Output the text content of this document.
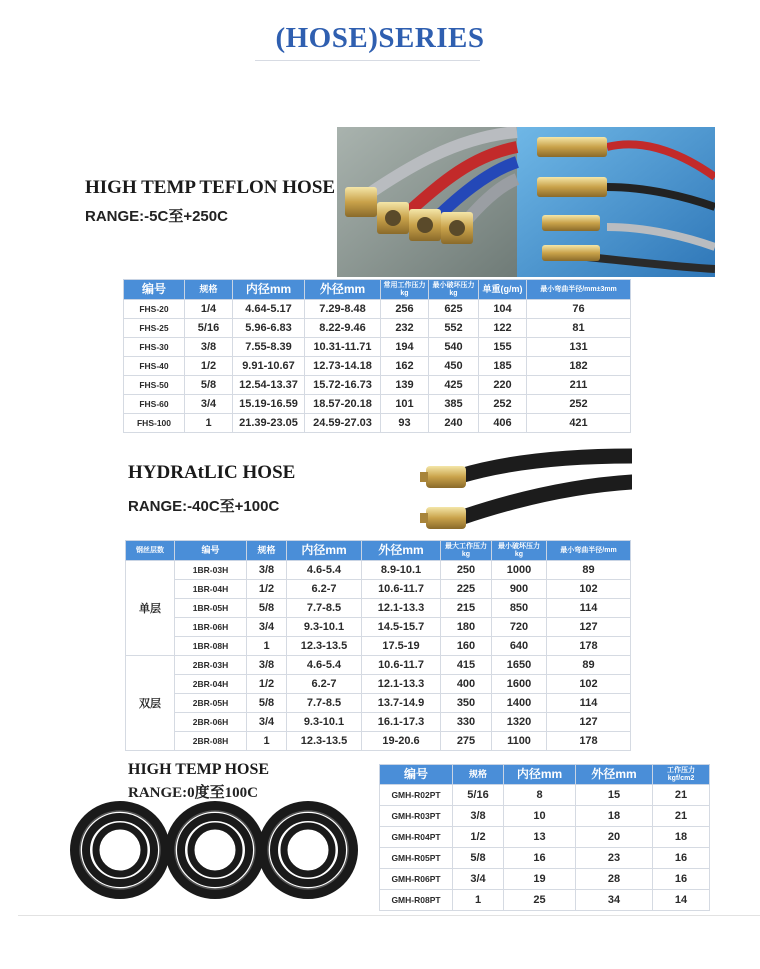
(HOSE)SERIES
HIGH TEMP TEFLON HOSE
RANGE:-5C至+250C
编号	规格	内径mm	外径mm	常用工作压力kg	最小破坏压力kg	单重(g/m)	最小弯曲半径/mm±3mm
FHS-20	1/4	4.64-5.17	7.29-8.48	256	625	104	76
FHS-25	5/16	5.96-6.83	8.22-9.46	232	552	122	81
FHS-30	3/8	7.55-8.39	10.31-11.71	194	540	155	131
FHS-40	1/2	9.91-10.67	12.73-14.18	162	450	185	182
FHS-50	5/8	12.54-13.37	15.72-16.73	139	425	220	211
FHS-60	3/4	15.19-16.59	18.57-20.18	101	385	252	252
FHS-100	1	21.39-23.05	24.59-27.03	93	240	406	421
HYDRAtLIC HOSE
RANGE:-40C至+100C
钢丝层数	编号	规格	内径mm	外径mm	最大工作压力kg	最小破坏压力kg	最小弯曲半径/mm
单层	1BR-03H	3/8	4.6-5.4	8.9-10.1	250	1000	89
	1BR-04H	1/2	6.2-7	10.6-11.7	225	900	102
	1BR-05H	5/8	7.7-8.5	12.1-13.3	215	850	114
	1BR-06H	3/4	9.3-10.1	14.5-15.7	180	720	127
	1BR-08H	1	12.3-13.5	17.5-19	160	640	178
双层	2BR-03H	3/8	4.6-5.4	10.6-11.7	415	1650	89
	2BR-04H	1/2	6.2-7	12.1-13.3	400	1600	102
	2BR-05H	5/8	7.7-8.5	13.7-14.9	350	1400	114
	2BR-06H	3/4	9.3-10.1	16.1-17.3	330	1320	127
	2BR-08H	1	12.3-13.5	19-20.6	275	1100	178
HIGH TEMP HOSE
RANGE:0度至100C
编号	规格	内径mm	外径mm	工作压力kgf/cm2
GMH-R02PT	5/16	8	15	21
GMH-R03PT	3/8	10	18	21
GMH-R04PT	1/2	13	20	18
GMH-R05PT	5/8	16	23	16
GMH-R06PT	3/4	19	28	16
GMH-R08PT	1	25	34	14
